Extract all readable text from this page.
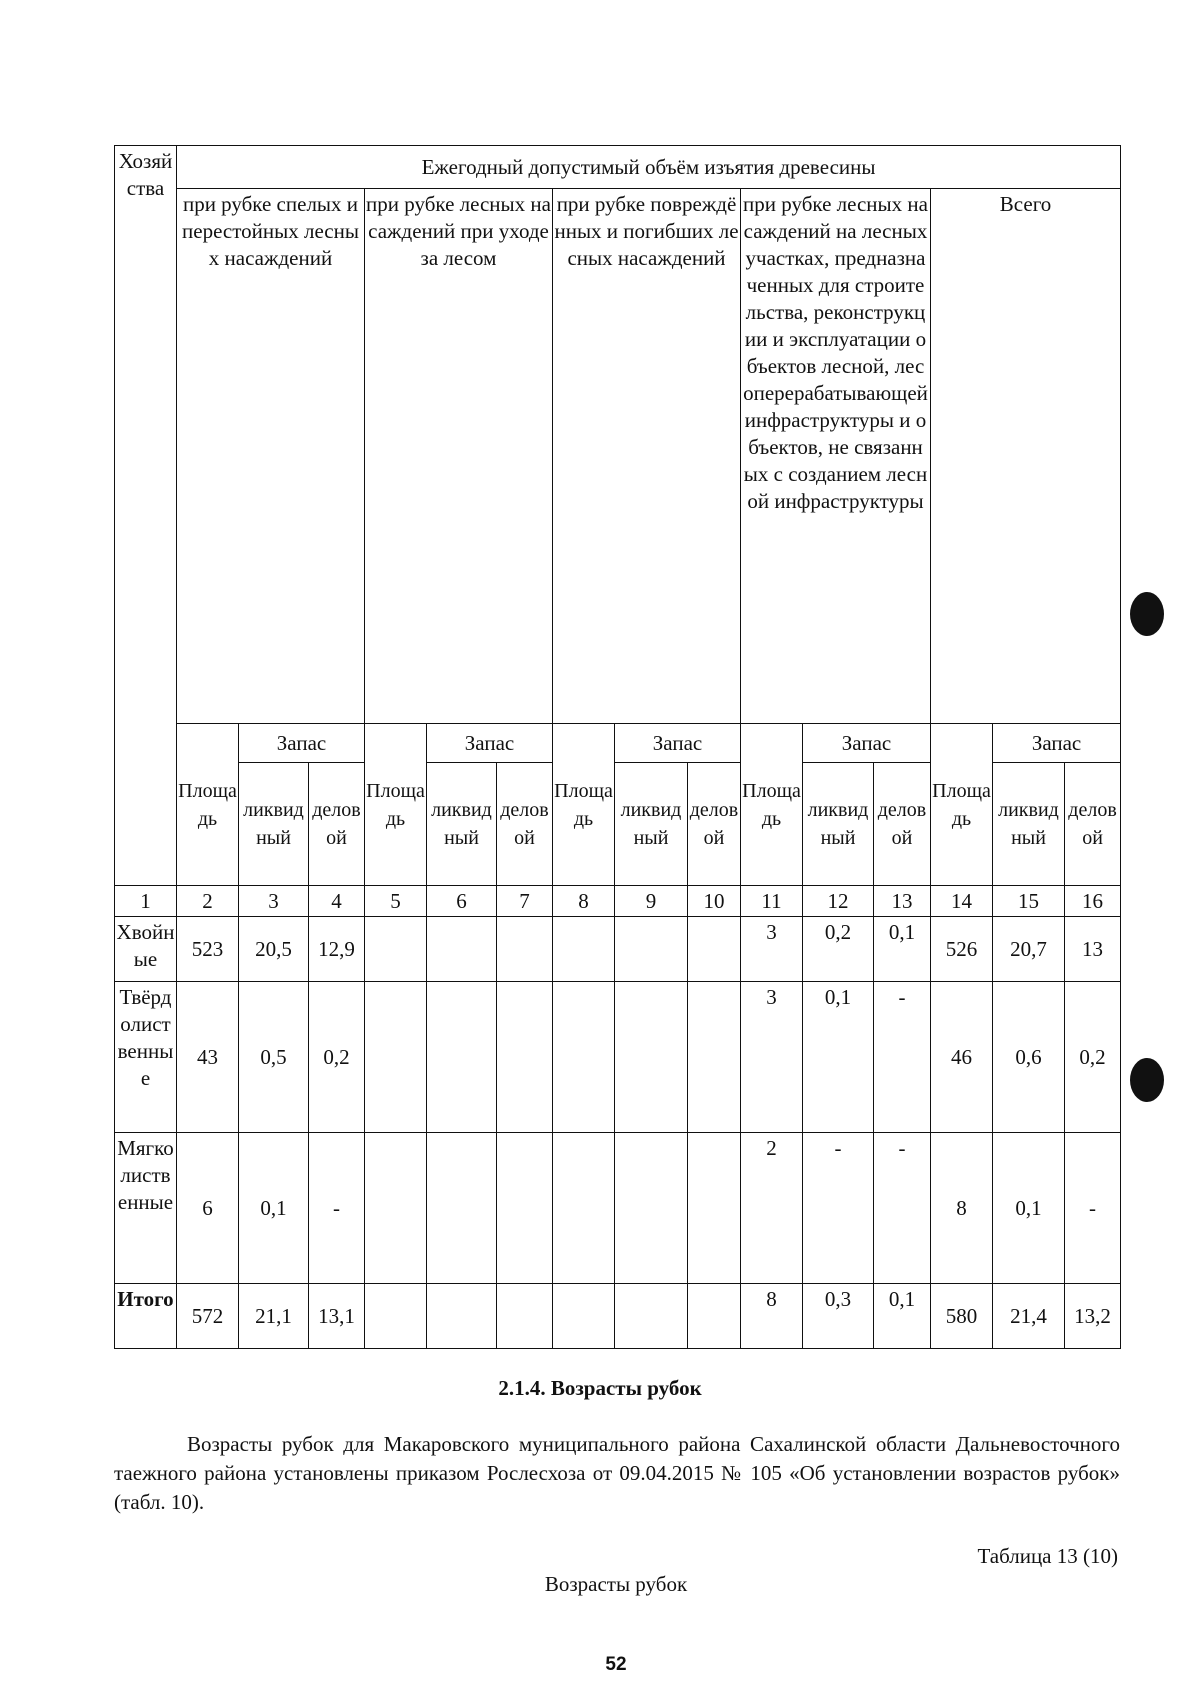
Хозяйства	Ежегодный допустимый объём изъятия древесины														
	при рубке спелых и перестойных лесных насаждений			при рубке лесных насаждений при уходе за лесом			при рубке повреждённых и погибших лесных насаждений			при рубке лесных насаждений на лесных участках, предназначенных для строительства, реконструкции и эксплуатации объектов лесной, лесоперерабатывающей инфраструктуры и объектов, не связанных с созданием лесной инфраструктуры			Всего		
	Площадь	Запас		Площадь	Запас		Площадь	Запас		Площадь	Запас		Площадь	Запас	
		ликвидный	деловой		ликвидный	деловой		ликвидный	деловой		ликвидный	деловой		ликвидный	деловой
1	2	3	4	5	6	7	8	9	10	11	12	13	14	15	16
Хвойные	523	20,5	12,9							3	0,2	0,1	526	20,7	13
Твёрдолиственные	43	0,5	0,2							3	0,1	-	46	0,6	0,2
Мягколиственные	6	0,1	-							2	-	-	8	0,1	-
Итого	572	21,1	13,1							8	0,3	0,1	580	21,4	13,2
2.1.4. Возрасты рубок
Возрасты рубок для Макаровского муниципального района Сахалинской области Дальневосточного таежного района установлены приказом Рослесхоза от 09.04.2015 № 105 «Об установлении возрастов рубок» (табл. 10).
Таблица 13 (10)
Возрасты рубок
52
